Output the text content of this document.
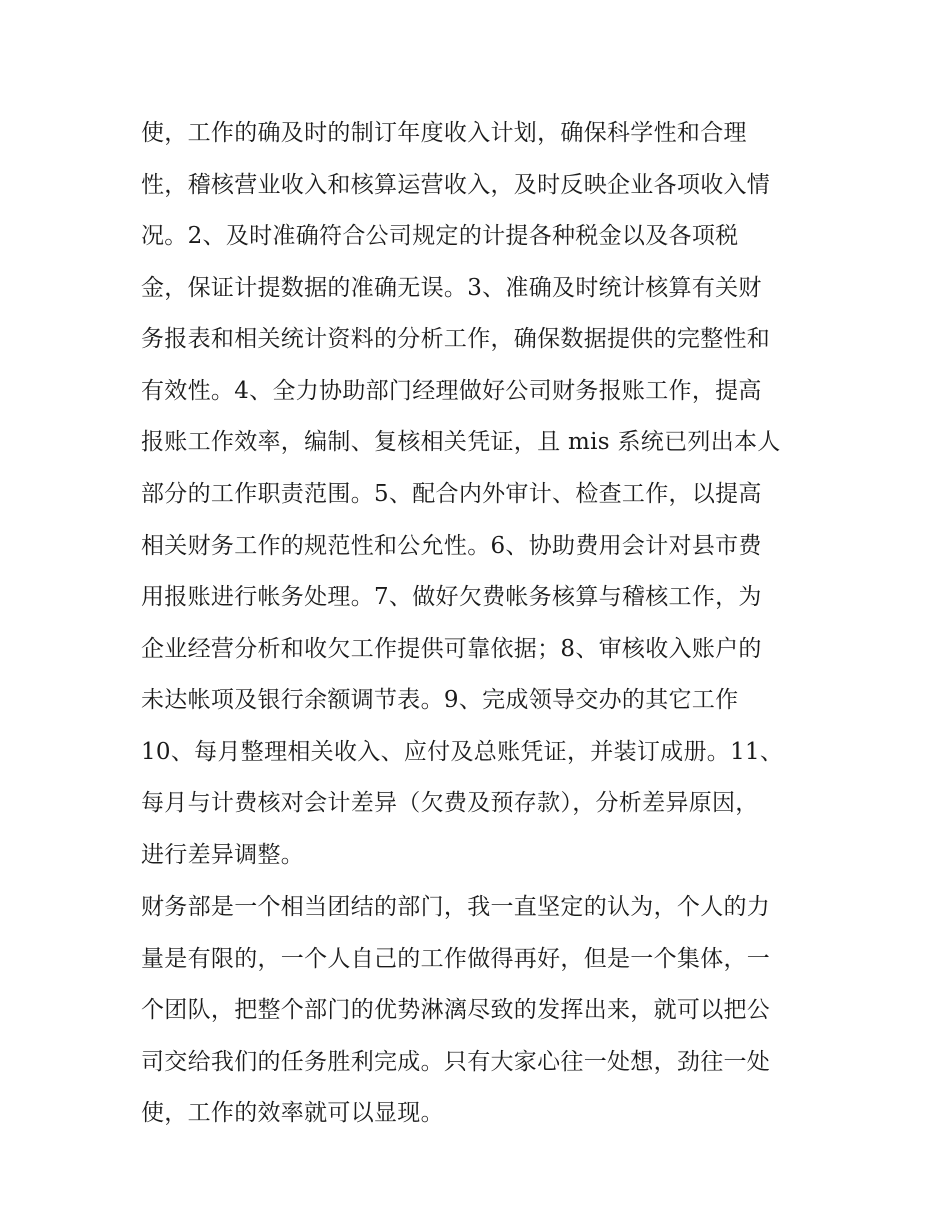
使，工作的确及时的制订年度收入计划，确保科学性和合理
性，稽核营业收入和核算运营收入，及时反映企业各项收入情
况。2、及时准确符合公司规定的计提各种税金以及各项税
金，保证计提数据的准确无误。3、准确及时统计核算有关财
务报表和相关统计资料的分析工作，确保数据提供的完整性和
有效性。4、全力协助部门经理做好公司财务报账工作，提高
报账工作效率，编制、复核相关凭证，且 mis 系统已列出本人
部分的工作职责范围。5、配合内外审计、检查工作，以提高
相关财务工作的规范性和公允性。6、协助费用会计对县市费
用报账进行帐务处理。7、做好欠费帐务核算与稽核工作，为
企业经营分析和收欠工作提供可靠依据；8、审核收入账户的
未达帐项及银行余额调节表。9、完成领导交办的其它工作
10、每月整理相关收入、应付及总账凭证，并装订成册。11、
每月与计费核对会计差异（欠费及预存款），分析差异原因，
进行差异调整。
财务部是一个相当团结的部门，我一直坚定的认为，个人的力
量是有限的，一个人自己的工作做得再好，但是一个集体，一
个团队，把整个部门的优势淋漓尽致的发挥出来，就可以把公
司交给我们的任务胜利完成。只有大家心往一处想，劲往一处
使，工作的效率就可以显现。
